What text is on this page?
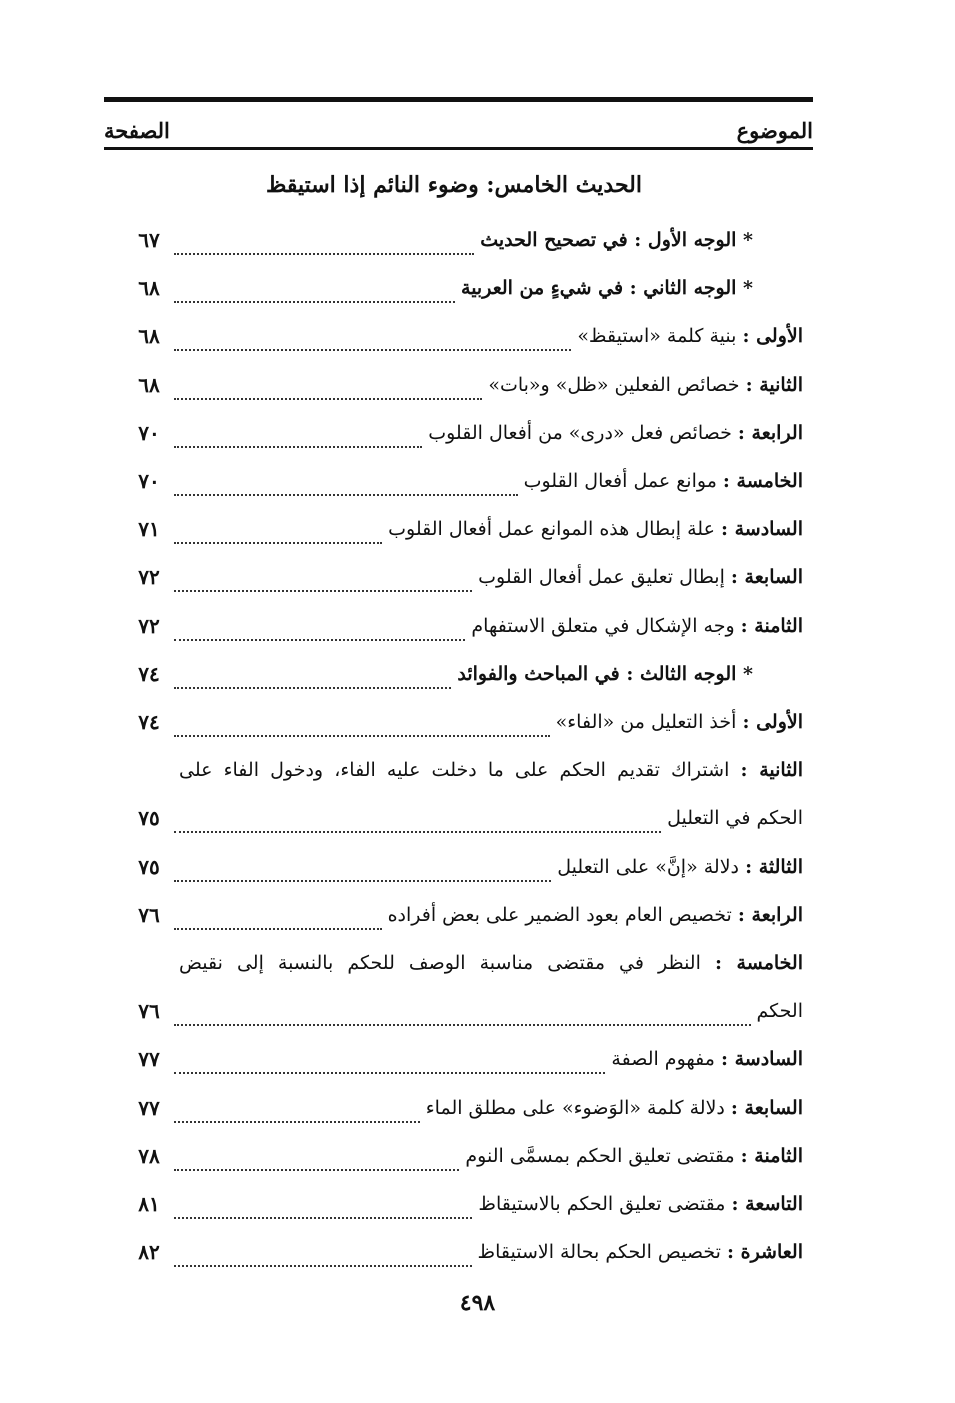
الموضوع
الصفحة
الحديث الخامس: وضوء النائم إذا استيقظ
* الوجه الأول : في تصحيح الحديث
٦٧
* الوجه الثاني : في شيءٍ من العربية
٦٨
الأولى : بنية كلمة «استيقظ»
٦٨
الثانية : خصائص الفعلين «ظل» و«بات»
٦٨
الرابعة : خصائص فعل «درى» من أفعال القلوب
٧٠
الخامسة : موانع عمل أفعال القلوب
٧٠
السادسة : علة إبطال هذه الموانع عمل أفعال القلوب
٧١
السابعة : إبطال تعليق عمل أفعال القلوب
٧٢
الثامنة : وجه الإشكال في متعلق الاستفهام
٧٢
* الوجه الثالث : في المباحث والفوائد
٧٤
الأولى : أخذ التعليل من «الفاء»
٧٤
الثانية : اشتراك تقديم الحكم على ما دخلت عليه الفاء، ودخول الفاء على
الحكم في التعليل
٧٥
الثالثة : دلالة «إنَّ» على التعليل
٧٥
الرابعة : تخصيص العام بعود الضمير على بعض أفراده
٧٦
الخامسة : النظر في مقتضى مناسبة الوصف للحكم بالنسبة إلى نقيض
الحكم
٧٦
السادسة : مفهوم الصفة
٧٧
السابعة : دلالة كلمة «الوَضوء» على مطلق الماء
٧٧
الثامنة : مقتضى تعليق الحكم بمسمَّى النوم
٧٨
التاسعة : مقتضى تعليق الحكم بالاستيقاظ
٨١
العاشرة : تخصيص الحكم بحالة الاستيقاظ
٨٢
٤٩٨
